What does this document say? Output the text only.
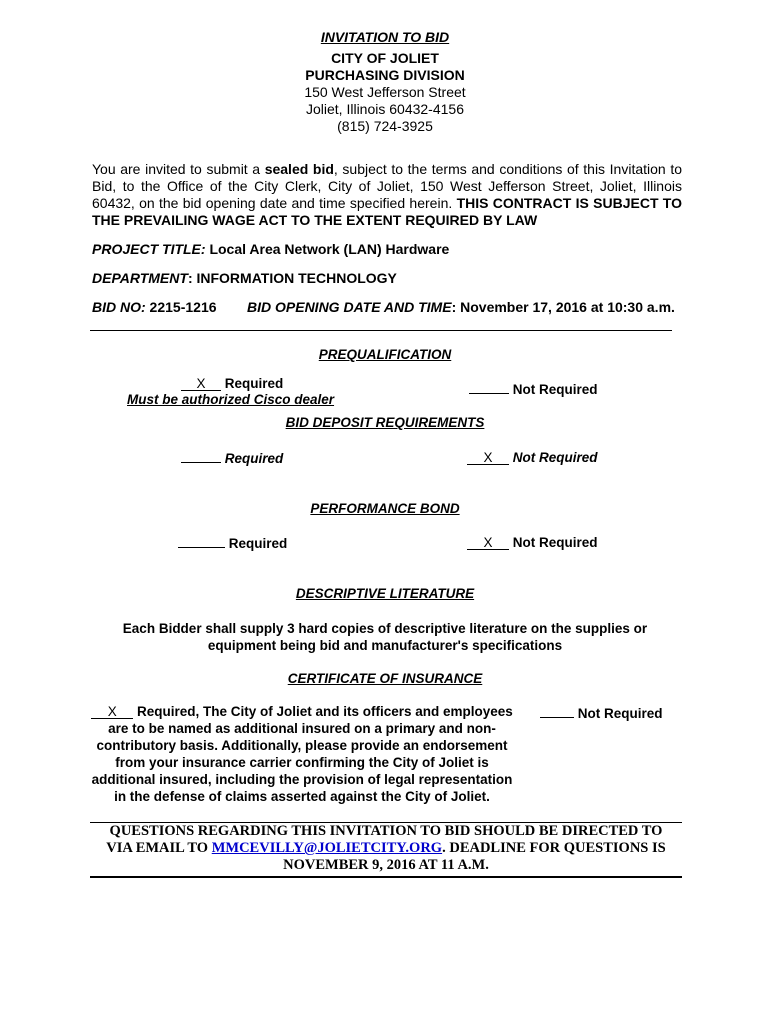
INVITATION TO BID
CITY OF JOLIET
PURCHASING DIVISION
150 West Jefferson Street
Joliet, Illinois 60432-4156
(815) 724-3925
You are invited to submit a sealed bid, subject to the terms and conditions of this Invitation to
Bid, to the Office of the City Clerk, City of Joliet, 150 West Jefferson Street, Joliet, Illinois
60432, on the bid opening date and time specified herein. THIS CONTRACT IS SUBJECT TO
THE PREVAILING WAGE ACT TO THE EXTENT REQUIRED BY LAW
PROJECT TITLE: Local Area Network (LAN) Hardware
DEPARTMENT: INFORMATION TECHNOLOGY
BID NO: 2215-1216 BID OPENING DATE AND TIME: November 17, 2016 at 10:30 a.m.
PREQUALIFICATION
X Required
Must be authorized Cisco dealer
Not Required
BID DEPOSIT REQUIREMENTS
Required	X Not Required
PERFORMANCE BOND
Required	X Not Required
DESCRIPTIVE LITERATURE
Each Bidder shall supply 3 hard copies of descriptive literature on the supplies or
equipment being bid and manufacturer's specifications
CERTIFICATE OF INSURANCE
X Required, The City of Joliet and its officers and employees
are to be named as additional insured on a primary and non-
contributory basis. Additionally, please provide an endorsement
from your insurance carrier confirming the City of Joliet is
additional insured, including the provision of legal representation
in the defense of claims asserted against the City of Joliet.
Not Required
QUESTIONS REGARDING THIS INVITATION TO BID SHOULD BE DIRECTED TO
VIA EMAIL TO MMCEVILLY@JOLIETCITY.ORG. DEADLINE FOR QUESTIONS IS
NOVEMBER 9, 2016 AT 11 A.M.
